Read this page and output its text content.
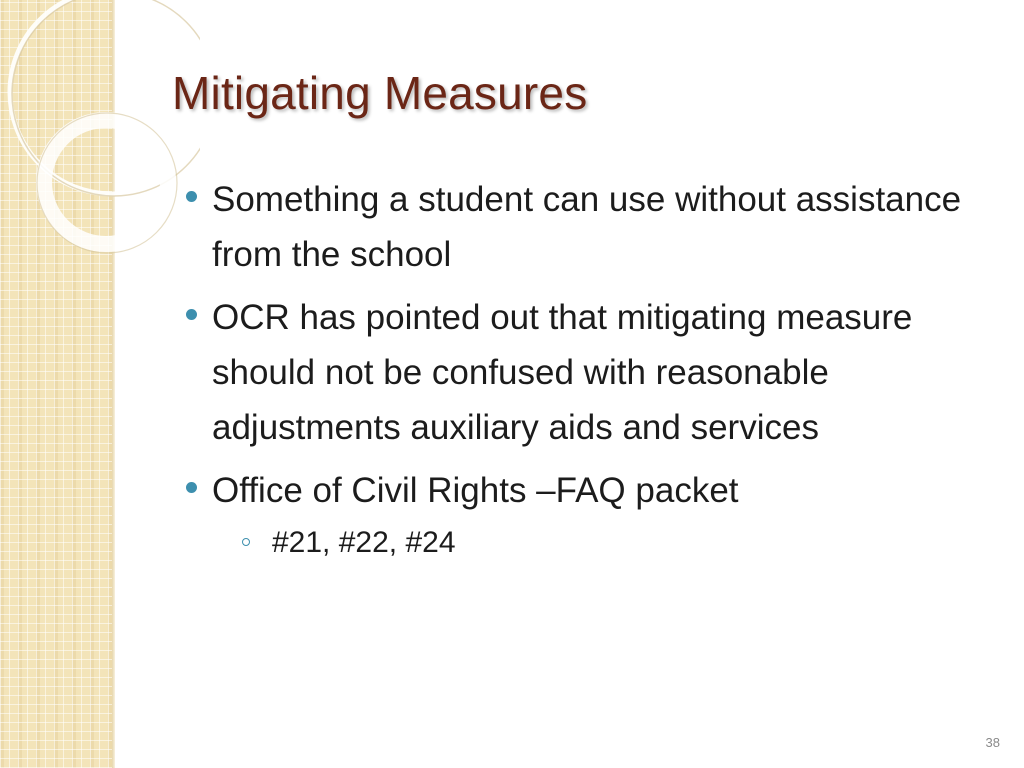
Mitigating Measures
Something a student can use without assistance from the school
OCR has pointed out that mitigating measure should not be confused with reasonable adjustments auxiliary aids and services
Office of Civil Rights –FAQ packet
#21, #22, #24
38
